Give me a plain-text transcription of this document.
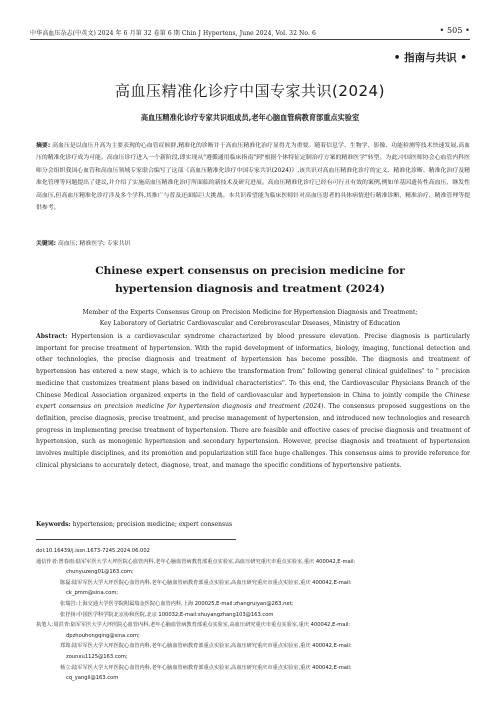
中华高血压杂志(中英文) 2024 年 6 月第 32 卷第 6 期 Chin J Hypertens, June 2024, Vol. 32 No. 6	• 505 •
• 指南与共识 •
高血压精准化诊疗中国专家共识(2024)
高血压精准化诊疗专家共识组成员,老年心脑血管病教育部重点实验室
摘要: 高血压是以血压升高为主要表现的心血管症候群,精准化的诊断并于高血压精准化治疗显得尤为重要。随着信息学、生物学、影像、功能检测等技术快速发展,高血压的精准化诊疗成为可能。高血压诊疗进入一个新阶段,即实现从"遵循通用临床指南"到"根据个体特征定制治疗方案的精准医学"转型。为此,中国医师协会心血管内科医师分会组织我国心血管和高血压领域专家联合编写了这部《高血压精准化诊疗中国专家共识(2024)》,该共识对高血压精准化诊疗的定义、精准化诊断、精准化治疗及精准化管理等问题提出了建议,并介绍了实施高血压精准化治疗所面临的新技术及研究进展。高血压精准化诊疗已经有可行且有效的案例,例如单基因遗传性高血压、继发性高血压,但高血压精准化诊疗涉及多个学科,其推广与普及还面临巨大挑战。本共识希望能为临床医师针对高血压患者的具体病情进行精准诊断、精准治疗、精准管理等提供参考。
关键词: 高血压; 精准医学; 专家共识
Chinese expert consensus on precision medicine for
hypertension diagnosis and treatment (2024)
Member of the Experts Consensus Group on Precision Medicine for Hypertension Diagnosis and Treatment;
Key Laboratory of Geriatric Cardiovascular and Cerebrovascular Diseases, Ministry of Education
Abstract: Hypertension is a cardiovascular syndrome characterized by blood pressure elevation. Precise diagnosis is particularly important for precise treatment of hypertension. With the rapid development of informatics, biology, imaging, functional detection and other technologies, the precise diagnosis and treatment of hypertension has become possible. The diagnosis and treatment of hypertension has entered a new stage, which is to achieve the transformation from" following general clinical guidelines" to " precision medicine that customizes treatment plans based on individual characteristics". To this end, the Cardiovascular Physicians Branch of the Chinese Medical Association organized experts in the field of cardiovascular and hypertension in China to jointly compile the Chinese expert consensus on precision medicine for hypertension diagnosis and treatment (2024). The consensus proposed suggestions on the definition, precise diagnosis, precise treatment, and precise management of hypertension, and introduced new technologies and research progress in implementing precise treatment of hypertension. There are feasible and effective cases of precise diagnosis and treatment of hypertension, such as monogenic hypertension and secondary hypertension. However, precise diagnosis and treatment of hypertension involves multiple disciplines, and its promotion and popularization still face huge challenges. This consensus aims to provide reference for clinical physicians to accurately detect, diagnose, treat, and manage the specific conditions of hypertensive patients.
Keywords: hypertension; precision medicine; expert consensus
doi:10.16439/j.issn.1673-7245.2024.06.002
通信作者: 曾春雨:陆军军医大学大坪医院心血管内科,老年心脑血管病教育部重点实验室,高血压研究重庆市重点实验室,重庆 400042,E-mail:
chunyuzeng01@163.com;
陈磊:陆军军医大学大坪医院心血管内科,老年心脑血管病教育部重点实验室,高血压研究重庆市重点实验室,重庆 400042,E-mail:
ck_pmm@sina.com;
张瑞岩:上海交通大学医学院附属瑞金医院心血管内科,上海 200025,E-mail:zhangruiyan@263.net;
张抒扬:中国医学科学院北京协和医院,北京 100032,E-mail:shuyangzhang103@163.com
执笔人: 周洪青:陆军军医大学大坪医院心血管内科,老年心脑血管病教育部重点实验室,高血压研究重庆市重点实验室,重庆 400042,E-mail:
dpzhouhongqing@sina.com;
郑筠:陆军军医大学大坪医院心血管内科,老年心脑血管病教育部重点实验室,高血压研究重庆市重点实验室,重庆 400042,E-mail:
zounxu1125@163.com;
杨立:陆军军医大学大坪医院心血管内科,老年心脑血管病教育部重点实验室,高血压研究重庆市重点实验室,重庆 400042,E-mail:
cq_yangli@163.com
